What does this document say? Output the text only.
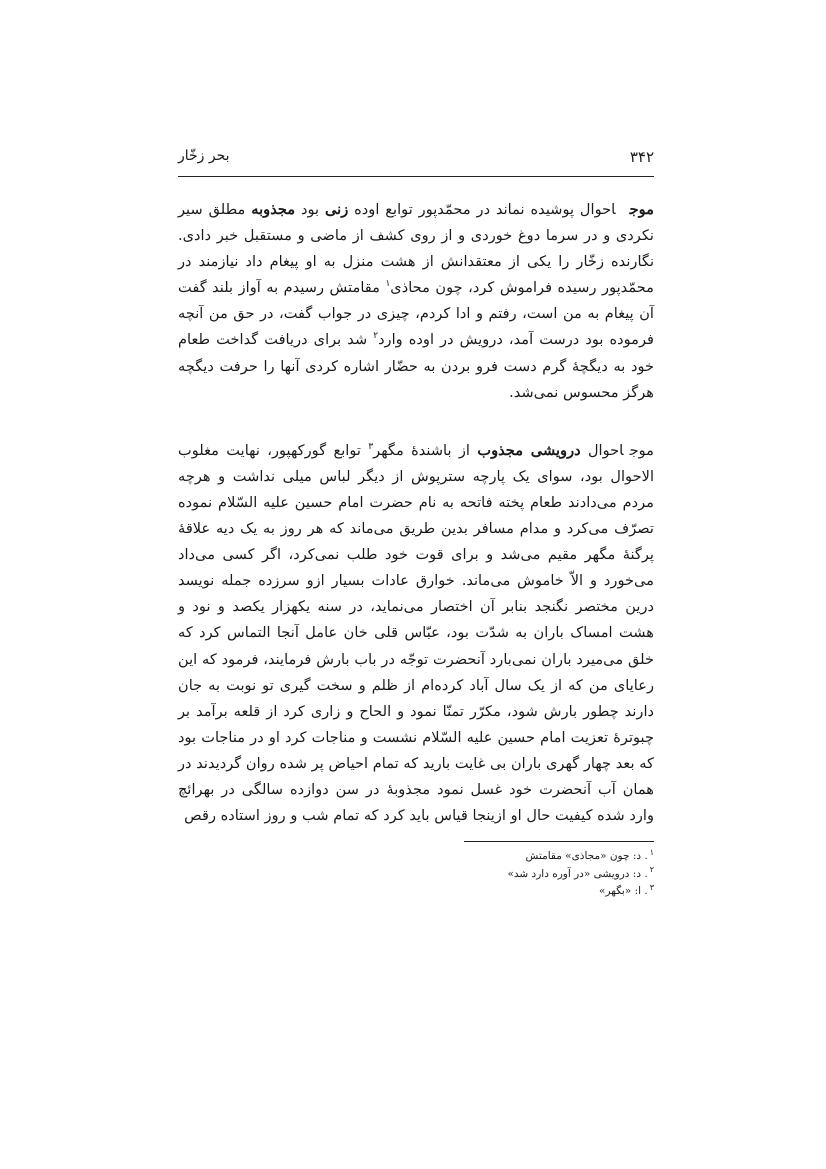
بحر زخّار	۳۴۲

موجاحوال پوشیده نماند در محمّدپور توابع اوده زنی بود مجذوبه مطلق سیر نکردی و در سرما دوغ خوردی و از روی کشف از ماضی و مستقبل خبر دادی. نگارنده زخّار را یکی از معتقدانش از هشت منزل به او پیغام داد نیازمند در محمّدپور رسیده فراموش کرد، چون محاذی$^۱$ مقامتش رسیدم به آواز بلند گفت آن پیغام به من است، رفتم و ادا کردم، چیزی در جواب گفت، در حق من آنچه فرموده بود درست آمد، درویش در اوده وارد$^۲$ شد برای دریافت گداخت طعام خود به دیگچهٔ گرم دست فرو بردن به حضّار اشاره کردی آنها را حرفت دیگچه هرگز محسوس نمی‌شد.

موجاحوال درویشی مجذوب از باشندهٔ مگهر$^۳$ توابع گورکهپور، نهایت مغلوب الاحوال بود، سوای یک پارچه سترپوش از دیگر لباس میلی نداشت و هرچه مردم می‌دادند طعام پخته فاتحه به نام حضرت امام حسین علیه السّلام نموده تصرّف می‌کرد و مدام مسافر بدین طریق می‌ماند که هر روز به یک دیه علاقهٔ پرگنهٔ مگهر مقیم می‌شد و برای قوت خود طلب نمی‌کرد، اگر کسی می‌داد می‌خورد و الاّ خاموش می‌ماند. خوارق عادات بسیار ازو سرزده جمله نویسد درین مختصر نگنجد بنابر آن اختصار می‌نماید، در سنه یکهزار یکصد و نود و هشت امساک باران به شدّت بود، عبّاس قلی خان عامل آنجا التماس کرد که خلق می‌میرد باران نمی‌بارد آنحضرت توجّه در باب بارش فرمایند، فرمود که این رعایای من که از یک سال آباد کرده‌ام از ظلم و سخت گیری تو نوبت به جان دارند چطور بارش شود، مکرّر تمنّا نمود و الحاح و زاری کرد از قلعه برآمد بر چبوترهٔ تعزیت امام حسین علیه السّلام نشست و مناجات کرد او در مناجات بود که بعد چهار گهری باران بی غایت بارید که تمام احیاض پر شده روان گردیدند در همان آب آنحضرت خود غسل نمود مجذوبهٔ در سن دوازده سالگی در بهرائچ وارد شده کیفیت حال او ازینجا قیاس باید کرد که تمام شب و روز استاده رقص

$^۱$. د: چون «مجاذی» مقامتش
$^۲$. د: درویشی «در آوره دارد شد»
$^۳$. ا: «بگهر»
